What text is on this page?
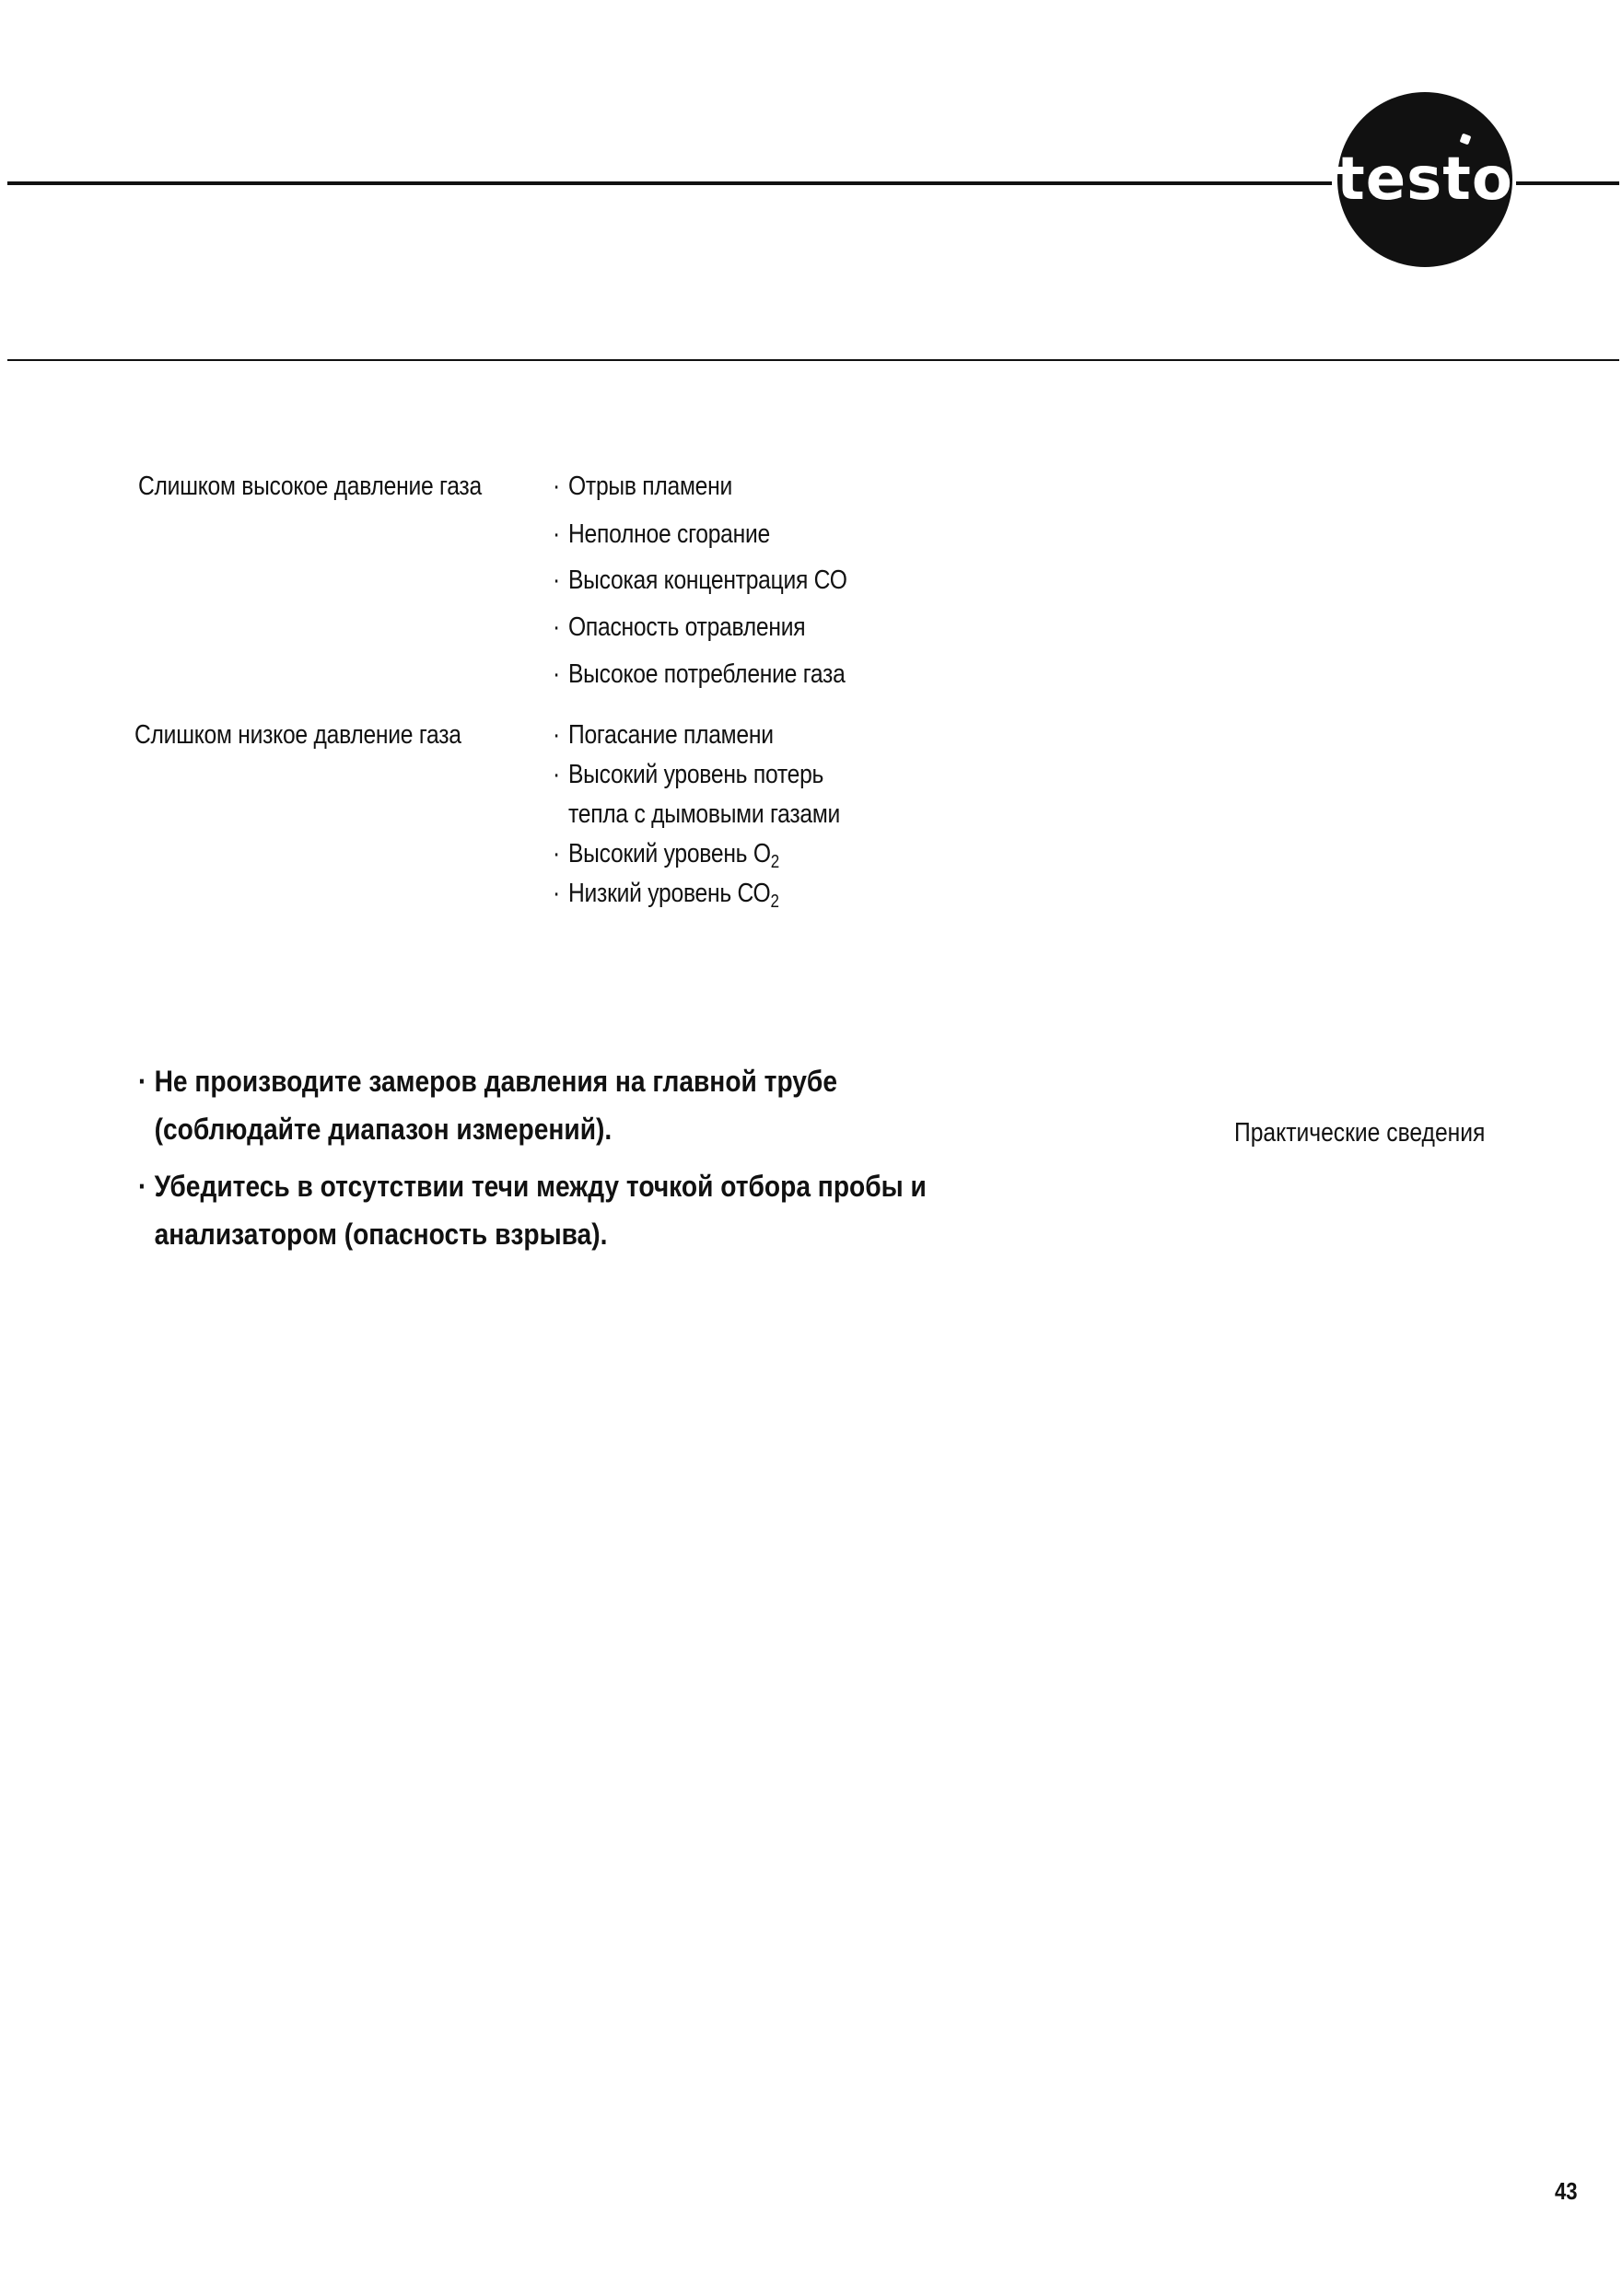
testo
Слишком высокое давление газа	· Отрыв пламени
· Неполное сгорание
· Высокая концентрация СО
· Опасность отравления
· Высокое потребление газа
Слишком низкое давление газа	· Погасание пламени
· Высокий уровень потерь
тепла с дымовыми газами
· Высокий уровень $О_2$
· Низкий уровень $СО_2$
· Не производите замеров давления на главной трубе
(соблюдайте диапазон измерений).
· Убедитесь в отсутствии течи между точкой отбора пробы и
анализатором (опасность взрыва).
Практические сведения
43
